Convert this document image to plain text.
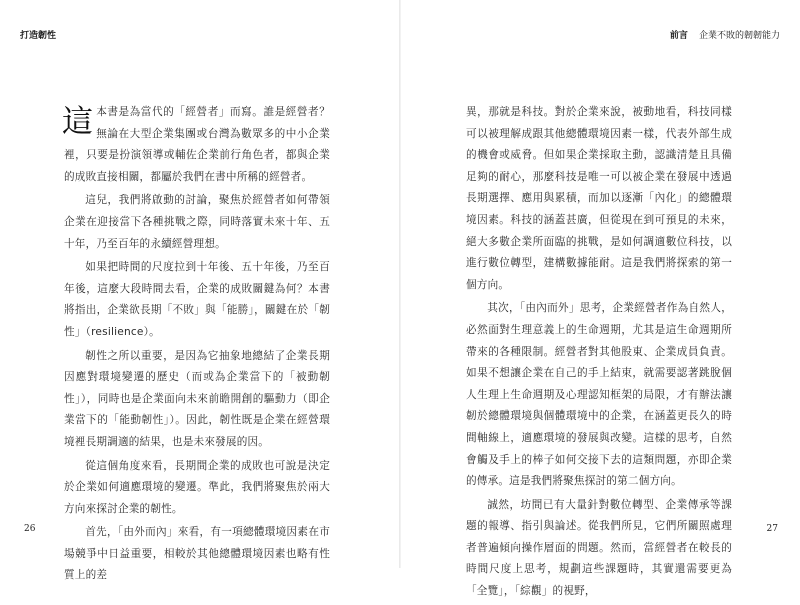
打造韌性	前言 企業不敗的韌韌能力

這本書是為當代的「經營者」而寫。誰是經營者？無論在大型企業集團或台灣為數眾多的中小企業裡，只要是扮演領導或輔佐企業前行角色者，都與企業的成敗直接相關，都屬於我們在書中所稱的經營者。

這兒，我們將啟動的討論，聚焦於經營者如何帶領企業在迎接當下各種挑戰之際，同時落實未來十年、五十年，乃至百年的永續經營理想。

如果把時間的尺度拉到十年後、五十年後，乃至百年後，這麼大段時間去看，企業的成敗關鍵為何？本書將指出，企業欲長期「不敗」與「能勝」，關鍵在於「韌性」（resilience）。

韌性之所以重要，是因為它抽象地總結了企業長期因應對環境變遷的歷史（而或為企業當下的「被動韌性」），同時也是企業面向未來前瞻開創的驅動力（即企業當下的「能動韌性」）。因此，韌性既是企業在經營環境裡長期調適的結果，也是未來發展的因。

從這個角度來看，長期間企業的成敗也可說是決定於企業如何適應環境的變遷。準此，我們將聚焦於兩大方向來探討企業的韌性。

首先，「由外而內」來看，有一項總體環境因素在市場競爭中日益重要，相較於其他總體環境因素也略有性質上的差

異，那就是科技。對於企業來說，被動地看，科技同樣可以被理解成跟其他總體環境因素一樣，代表外部生成的機會或威脅。但如果企業採取主動，認識清楚且具備足夠的耐心，那麼科技是唯一可以被企業在發展中透過長期選擇、應用與累積，而加以逐漸「內化」的總體環境因素。科技的涵蓋甚廣，但從現在到可預見的未來，絕大多數企業所面臨的挑戰，是如何調適數位科技，以進行數位轉型，建構數據能耐。這是我們將探索的第一個方向。

其次，「由內而外」思考，企業經營者作為自然人，必然面對生理意義上的生命週期，尤其是這生命週期所帶來的各種限制。經營者對其他股東、企業成員負責。如果不想讓企業在自己的手上結束，就需要認著跳脫個人生理上生命週期及心理認知框架的局限，才有辦法讓韌於總體環境與個體環境中的企業，在涵蓋更長久的時間軸線上，適應環境的發展與改變。這樣的思考，自然會觸及手上的棒子如何交接下去的這類問題，亦即企業的傳承。這是我們將聚焦探討的第二個方向。

誠然，坊間已有大量針對數位轉型、企業傳承等課題的報導、指引與論述。從我們所見，它們所關照處理者普遍傾向操作層面的問題。然而，當經營者在較長的時間尺度上思考，規劃這些課題時，其實還需要更為「全覽」，「綜觀」的視野，

26	27
